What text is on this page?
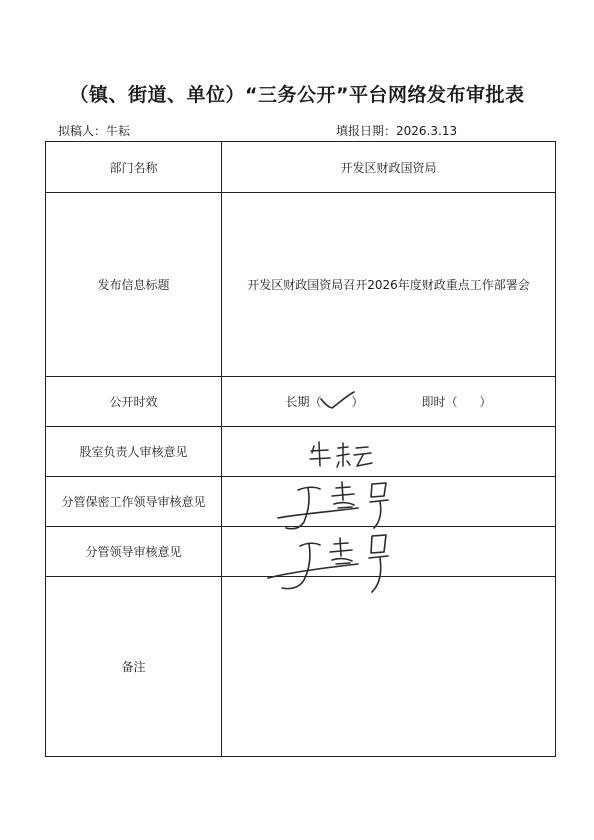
（镇、街道、单位）“三务公开”平台网络发布审批表
拟稿人：牛耘	填报日期：2026.3.13
部门名称	开发区财政国资局
发布信息标题	开发区财政国资局召开2026年度财政重点工作部署会
公开时效	长期（ ） 即时（ ）

股室负责人审核意见	
分管保密工作领导审核意见	
分管领导审核意见	
备注	
